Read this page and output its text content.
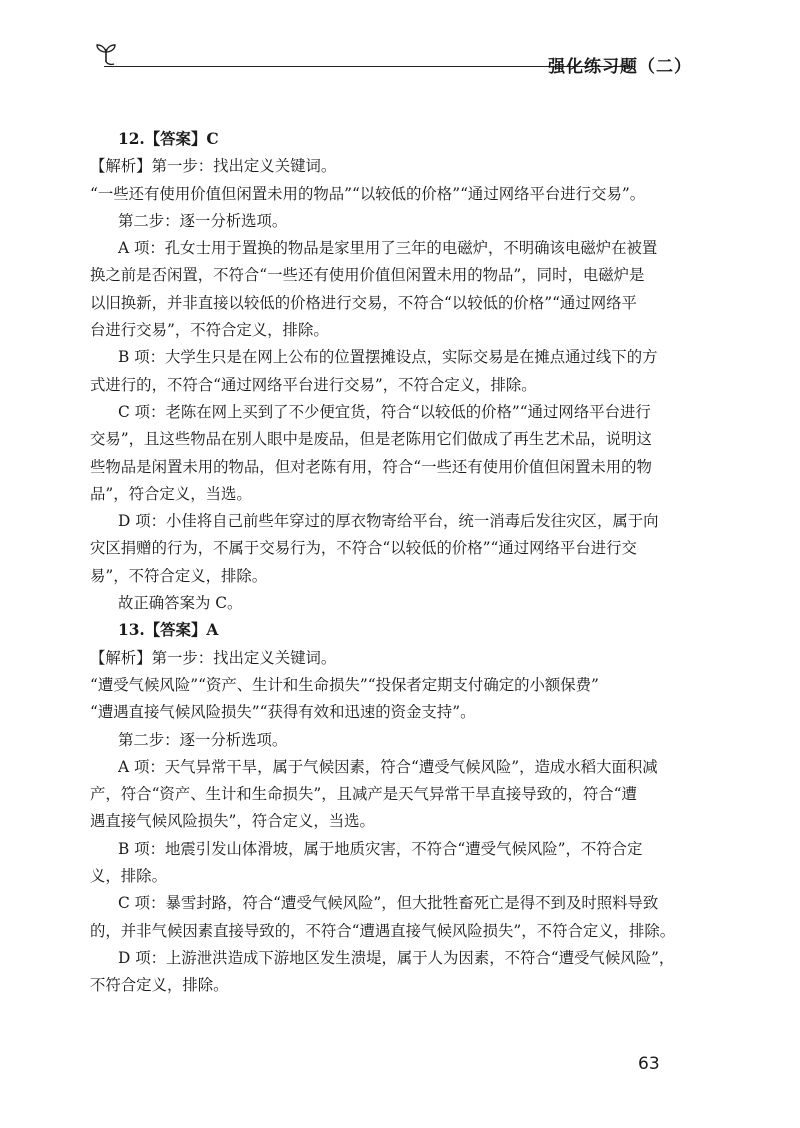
强化练习题（二）
12.【答案】C
【解析】第一步：找出定义关键词。
“一些还有使用价值但闲置未用的物品”“以较低的价格”“通过网络平台进行交易”。
第二步：逐一分析选项。
A 项：孔女士用于置换的物品是家里用了三年的电磁炉，不明确该电磁炉在被置
换之前是否闲置，不符合“一些还有使用价值但闲置未用的物品”，同时，电磁炉是
以旧换新，并非直接以较低的价格进行交易，不符合“以较低的价格”“通过网络平
台进行交易”，不符合定义，排除。
B 项：大学生只是在网上公布的位置摆摊设点，实际交易是在摊点通过线下的方
式进行的，不符合“通过网络平台进行交易”，不符合定义，排除。
C 项：老陈在网上买到了不少便宜货，符合“以较低的价格”“通过网络平台进行
交易”，且这些物品在别人眼中是废品，但是老陈用它们做成了再生艺术品，说明这
些物品是闲置未用的物品，但对老陈有用，符合“一些还有使用价值但闲置未用的物
品”，符合定义，当选。
D 项：小佳将自己前些年穿过的厚衣物寄给平台，统一消毒后发往灾区，属于向
灾区捐赠的行为，不属于交易行为，不符合“以较低的价格”“通过网络平台进行交
易”，不符合定义，排除。
故正确答案为 C。
13.【答案】A
【解析】第一步：找出定义关键词。
“遭受气候风险”“资产、生计和生命损失”“投保者定期支付确定的小额保费”
“遭遇直接气候风险损失”“获得有效和迅速的资金支持”。
第二步：逐一分析选项。
A 项：天气异常干旱，属于气候因素，符合“遭受气候风险”，造成水稻大面积减
产，符合“资产、生计和生命损失”，且减产是天气异常干旱直接导致的，符合“遭
遇直接气候风险损失”，符合定义，当选。
B 项：地震引发山体滑坡，属于地质灾害，不符合“遭受气候风险”，不符合定
义，排除。
C 项：暴雪封路，符合“遭受气候风险”，但大批牲畜死亡是得不到及时照料导致
的，并非气候因素直接导致的，不符合“遭遇直接气候风险损失”，不符合定义，排除。
D 项：上游泄洪造成下游地区发生溃堤，属于人为因素，不符合“遭受气候风险”，
不符合定义，排除。
63
